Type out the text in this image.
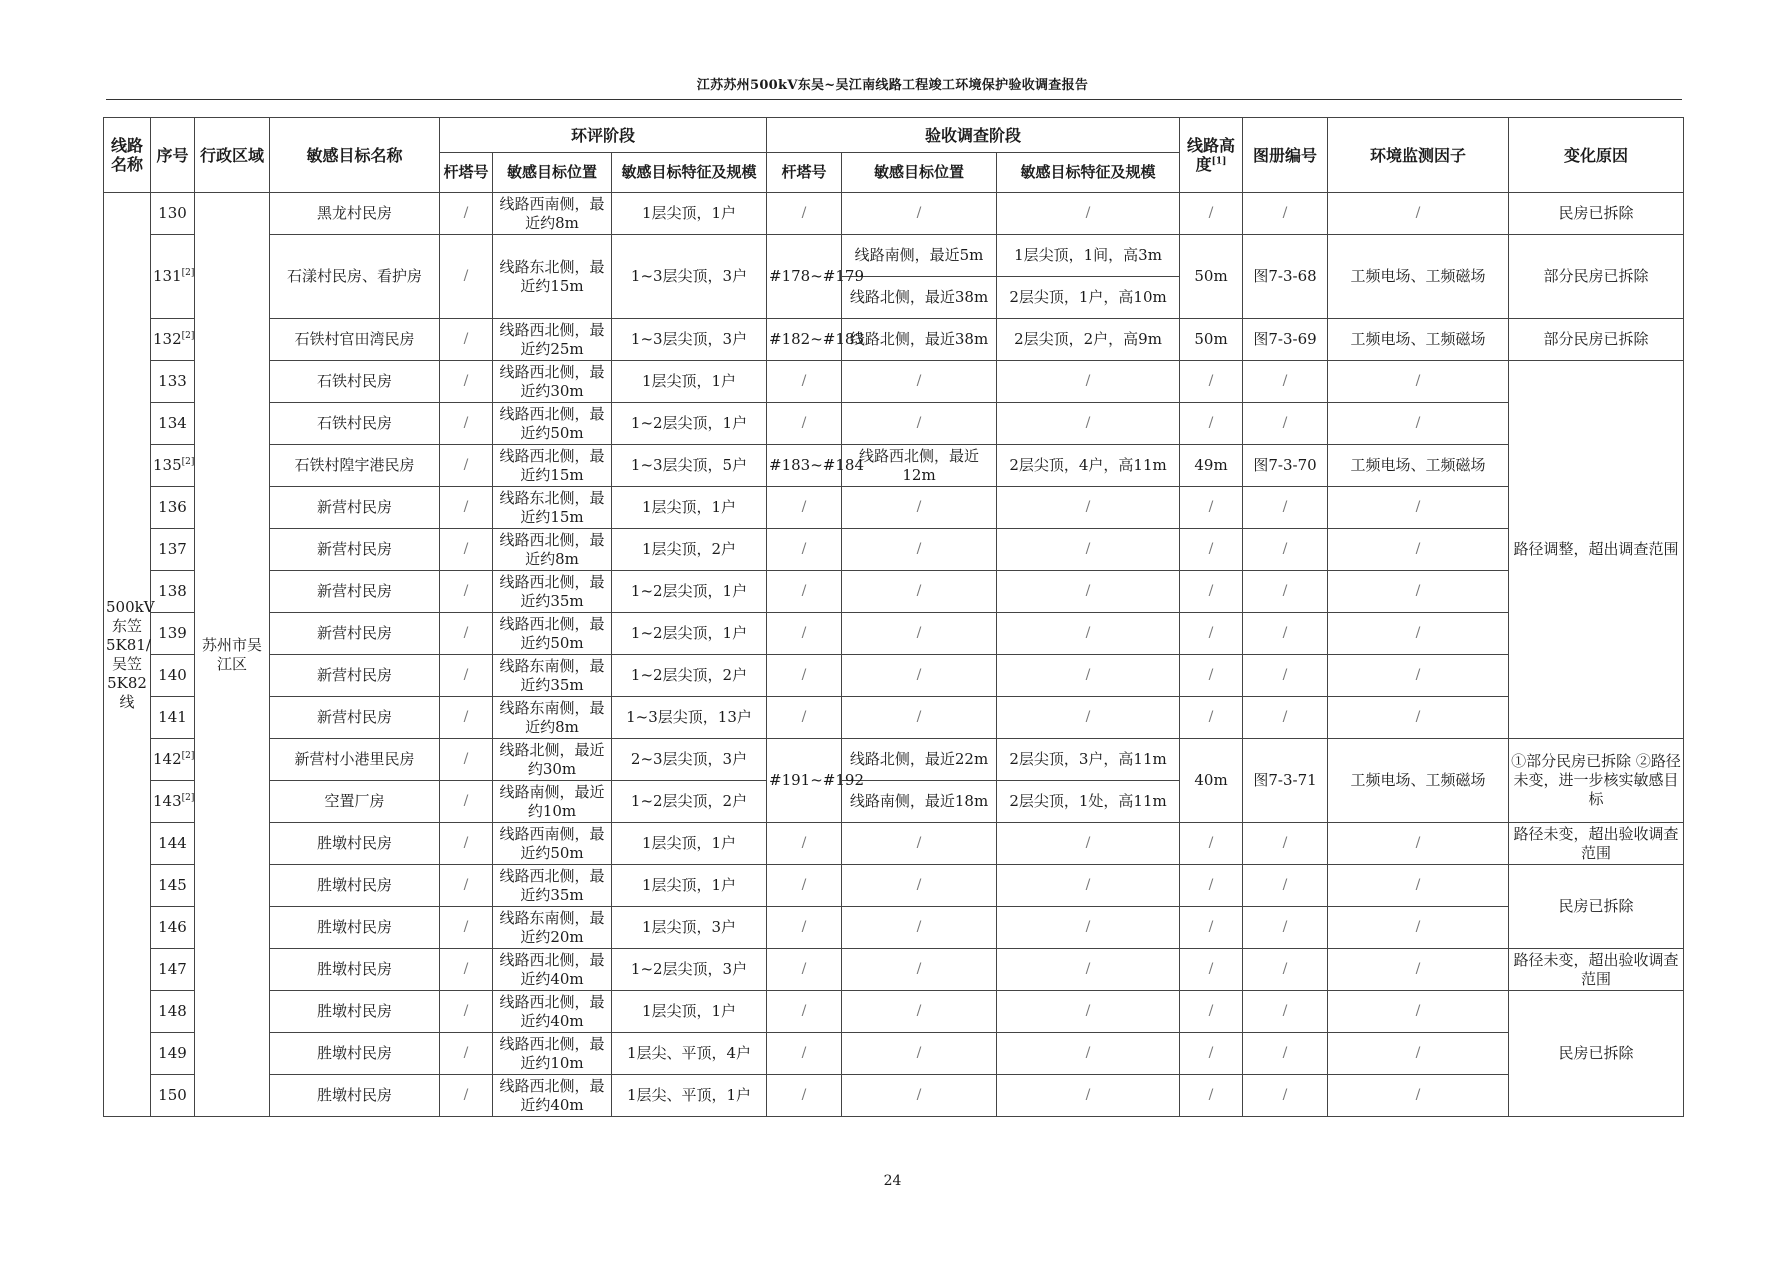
江苏苏州500kV东吴~吴江南线路工程竣工环境保护验收调查报告
线路名称	序号	行政区域	敏感目标名称	环评阶段			验收调查阶段			线路高度[1]	图册编号	环境监测因子	变化原因
				杆塔号	敏感目标位置	敏感目标特征及规模	杆塔号	敏感目标位置	敏感目标特征及规模				
500kV东笠5K81/吴笠5K82线	130	苏州市吴江区	黑龙村民房	/	线路西南侧，最近约8m	1层尖顶，1户	/	/	/	/	/	/	民房已拆除
	131[2]		石漾村民房、看护房	/	线路东北侧，最近约15m	1~3层尖顶，3户	#178~#179	线路南侧，最近5m	1层尖顶，1间，高3m	50m	图7-3-68	工频电场、工频磁场	部分民房已拆除
								线路北侧，最近38m	2层尖顶，1户，高10m				
	132[2]		石铁村官田湾民房	/	线路西北侧，最近约25m	1~3层尖顶，3户	#182~#183	线路北侧，最近38m	2层尖顶，2户，高9m	50m	图7-3-69	工频电场、工频磁场	部分民房已拆除
	133		石铁村民房	/	线路西北侧，最近约30m	1层尖顶，1户	/	/	/	/	/	/	路径调整，超出调查范围
	134		石铁村民房	/	线路西北侧，最近约50m	1~2层尖顶，1户	/	/	/	/	/	/	
	135[2]		石铁村隍宇港民房	/	线路西北侧，最近约15m	1~3层尖顶，5户	#183~#184	线路西北侧，最近12m	2层尖顶，4户，高11m	49m	图7-3-70	工频电场、工频磁场	
	136		新营村民房	/	线路东北侧，最近约15m	1层尖顶，1户	/	/	/	/	/	/	
	137		新营村民房	/	线路西北侧，最近约8m	1层尖顶，2户	/	/	/	/	/	/	
	138		新营村民房	/	线路西北侧，最近约35m	1~2层尖顶，1户	/	/	/	/	/	/	
	139		新营村民房	/	线路西北侧，最近约50m	1~2层尖顶，1户	/	/	/	/	/	/	
	140		新营村民房	/	线路东南侧，最近约35m	1~2层尖顶，2户	/	/	/	/	/	/	
	141		新营村民房	/	线路东南侧，最近约8m	1~3层尖顶，13户	/	/	/	/	/	/	
	142[2]		新营村小港里民房	/	线路北侧，最近约30m	2~3层尖顶，3户	#191~#192	线路北侧，最近22m	2层尖顶，3户，高11m	40m	图7-3-71	工频电场、工频磁场	①部分民房已拆除 ②路径未变，进一步核实敏感目标
	143[2]		空置厂房	/	线路南侧，最近约10m	1~2层尖顶，2户		线路南侧，最近18m	2层尖顶，1处，高11m				
	144		胜墩村民房	/	线路西南侧，最近约50m	1层尖顶，1户	/	/	/	/	/	/	路径未变，超出验收调查范围
	145		胜墩村民房	/	线路西北侧，最近约35m	1层尖顶，1户	/	/	/	/	/	/	民房已拆除
	146		胜墩村民房	/	线路东南侧，最近约20m	1层尖顶，3户	/	/	/	/	/	/	
	147		胜墩村民房	/	线路西北侧，最近约40m	1~2层尖顶，3户	/	/	/	/	/	/	路径未变，超出验收调查范围
	148		胜墩村民房	/	线路西北侧，最近约40m	1层尖顶，1户	/	/	/	/	/	/	民房已拆除
	149		胜墩村民房	/	线路西北侧，最近约10m	1层尖、平顶，4户	/	/	/	/	/	/	
	150		胜墩村民房	/	线路西北侧，最近约40m	1层尖、平顶，1户	/	/	/	/	/	/	
24
